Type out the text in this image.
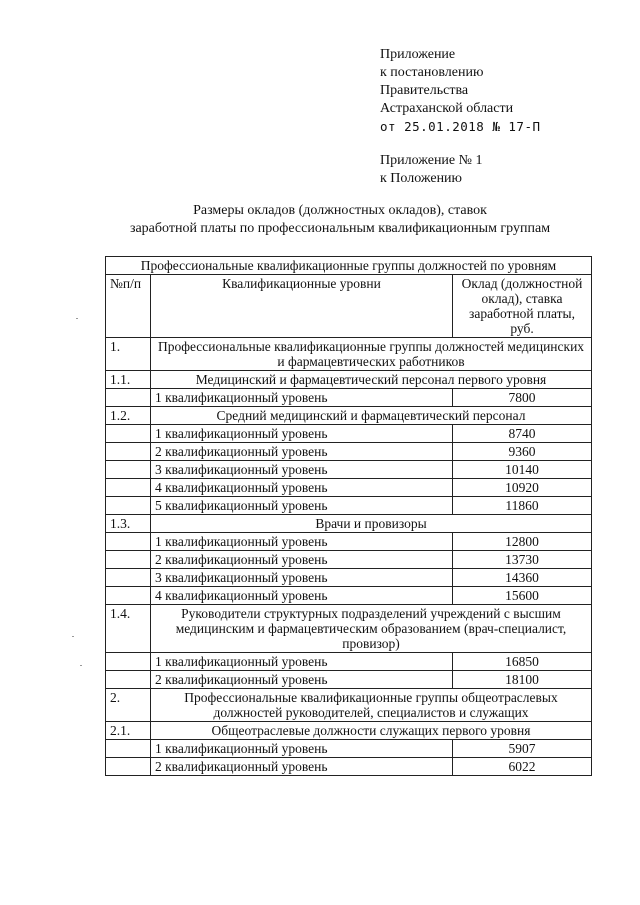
Приложение
к постановлению
Правительства
Астраханской области
от 25.01.2018 № 17-П
Приложение № 1
к Положению
Размеры окладов (должностных окладов), ставок
заработной платы по профессиональным квалификационным группам
Профессиональные квалификационные группы должностей по уровням		
№п/п	Квалификационные уровни	Оклад (должностной оклад), ставка заработной платы, руб.
1.	Профессиональные квалификационные группы должностей медицинских и фармацевтических работников	
1.1.	Медицинский и фармацевтический персонал первого уровня	
	1 квалификационный уровень	7800
1.2.	Средний медицинский и фармацевтический персонал	
	1 квалификационный уровень	8740
	2 квалификационный уровень	9360
	3 квалификационный уровень	10140
	4 квалификационный уровень	10920
	5 квалификационный уровень	11860
1.3.	Врачи и провизоры	
	1 квалификационный уровень	12800
	2 квалификационный уровень	13730
	3 квалификационный уровень	14360
	4 квалификационный уровень	15600
1.4.	Руководители структурных подразделений учреждений с высшим медицинским и фармацевтическим образованием (врач-специалист, провизор)	
	1 квалификационный уровень	16850
	2 квалификационный уровень	18100
2.	Профессиональные квалификационные группы общеотраслевых должностей руководителей, специалистов и служащих	
2.1.	Общеотраслевые должности служащих первого уровня	
	1 квалификационный уровень	5907
	2 квалификационный уровень	6022
